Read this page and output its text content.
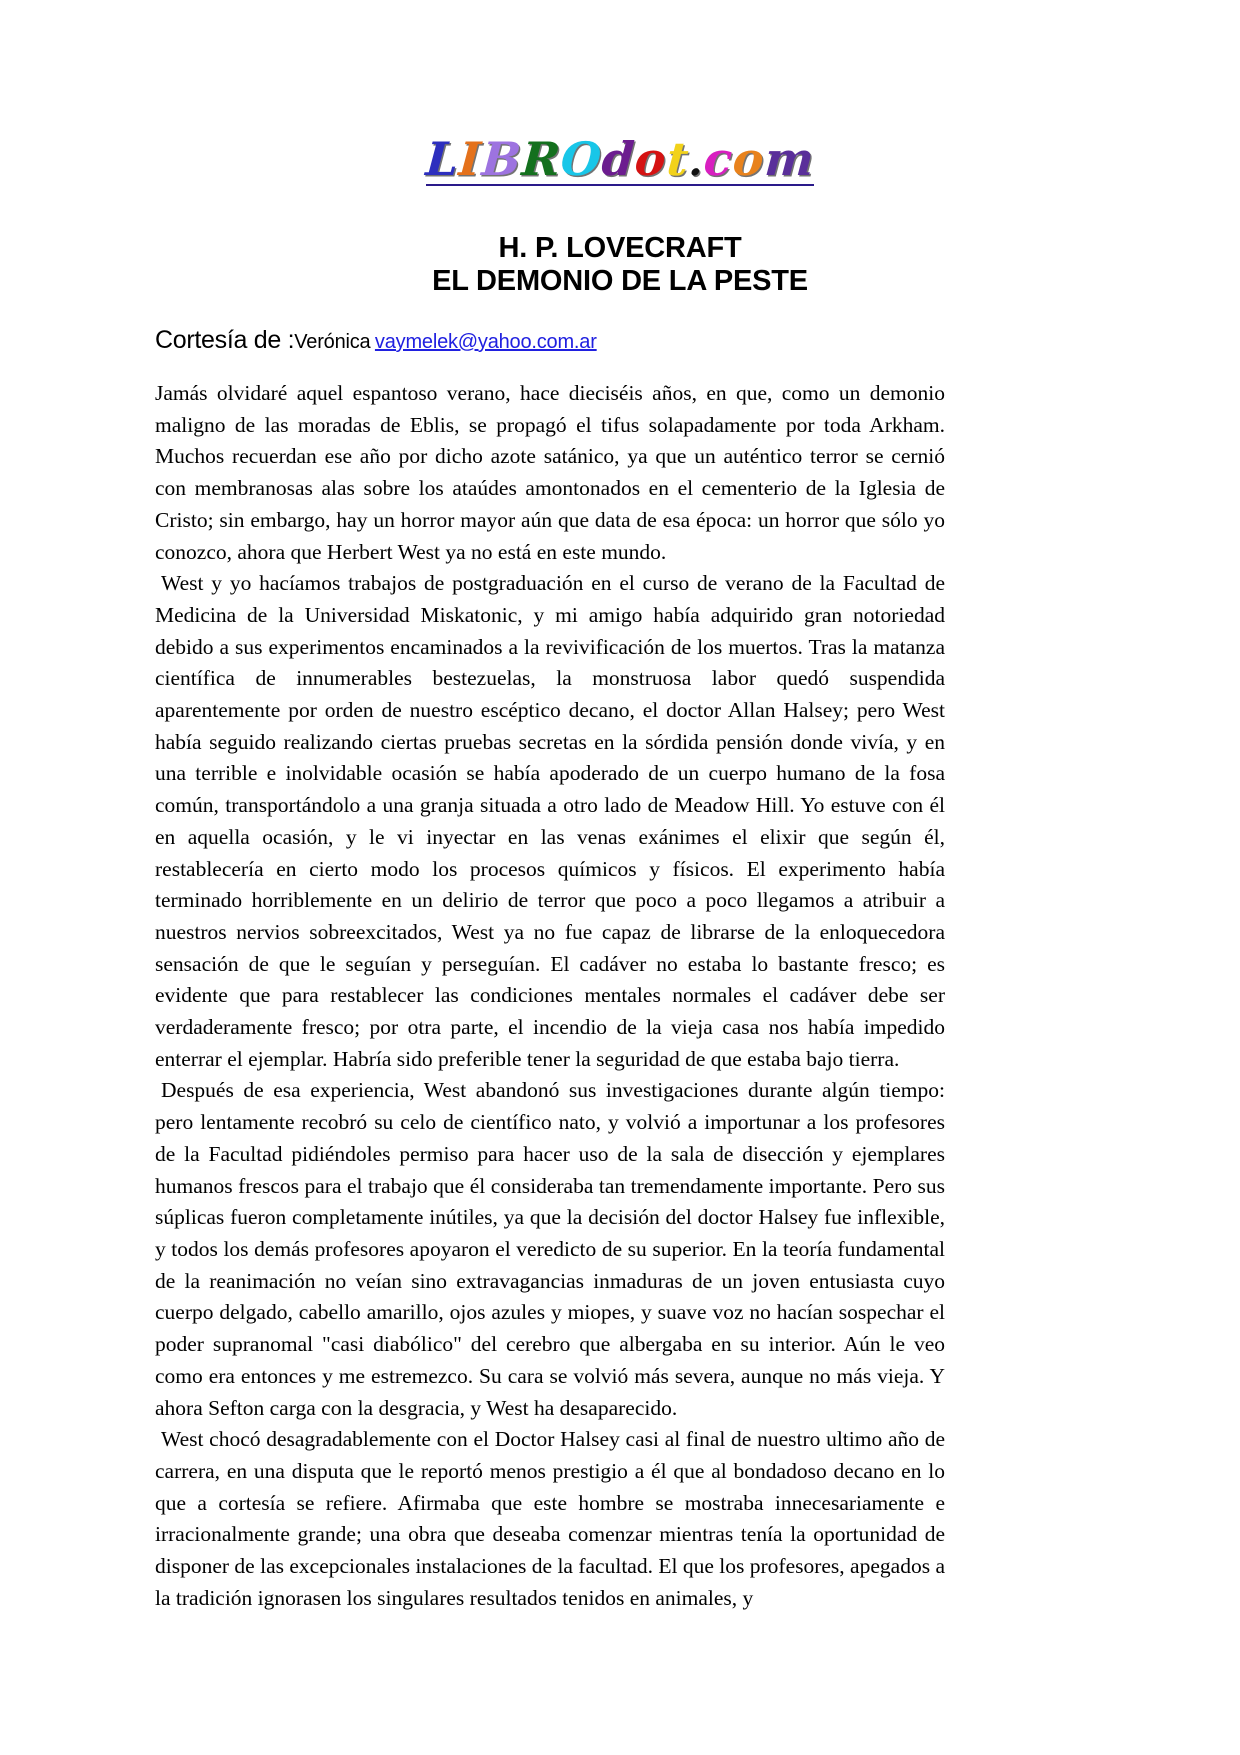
LIBROdot.com
H. P. LOVECRAFT
EL DEMONIO DE LA PESTE
Cortesía de :Verónica vaymelek@yahoo.com.ar

Jamás olvidaré aquel espantoso verano, hace dieciséis años, en que, como un demonio maligno de las moradas de Eblis, se propagó el tifus solapadamente por toda Arkham. Muchos recuerdan ese año por dicho azote satánico, ya que un auténtico terror se cernió con membranosas alas sobre los ataúdes amontonados en el cementerio de la Iglesia de Cristo; sin embargo, hay un horror mayor aún que data de esa época: un horror que sólo yo conozco, ahora que Herbert West ya no está en este mundo.

West y yo hacíamos trabajos de postgraduación en el curso de verano de la Facultad de Medicina de la Universidad Miskatonic, y mi amigo había adquirido gran notoriedad debido a sus experimentos encaminados a la revivificación de los muertos. Tras la matanza científica de innumerables bestezuelas, la monstruosa labor quedó suspendida aparentemente por orden de nuestro escéptico decano, el doctor Allan Halsey; pero West había seguido realizando ciertas pruebas secretas en la sórdida pensión donde vivía, y en una terrible e inolvidable ocasión se había apoderado de un cuerpo humano de la fosa común, transportándolo a una granja situada a otro lado de Meadow Hill. Yo estuve con él en aquella ocasión, y le vi inyectar en las venas exánimes el elixir que según él, restablecería en cierto modo los procesos químicos y físicos. El experimento había terminado horriblemente en un delirio de terror que poco a poco llegamos a atribuir a nuestros nervios sobreexcitados, West ya no fue capaz de librarse de la enloquecedora sensación de que le seguían y perseguían. El cadáver no estaba lo bastante fresco; es evidente que para restablecer las condiciones mentales normales el cadáver debe ser verdaderamente fresco; por otra parte, el incendio de la vieja casa nos había impedido enterrar el ejemplar. Habría sido preferible tener la seguridad de que estaba bajo tierra.

Después de esa experiencia, West abandonó sus investigaciones durante algún tiempo: pero lentamente recobró su celo de científico nato, y volvió a importunar a los profesores de la Facultad pidiéndoles permiso para hacer uso de la sala de disección y ejemplares humanos frescos para el trabajo que él consideraba tan tremendamente importante. Pero sus súplicas fueron completamente inútiles, ya que la decisión del doctor Halsey fue inflexible, y todos los demás profesores apoyaron el veredicto de su superior. En la teoría fundamental de la reanimación no veían sino extravagancias inmaduras de un joven entusiasta cuyo cuerpo delgado, cabello amarillo, ojos azules y miopes, y suave voz no hacían sospechar el poder supranomal "casi diabólico" del cerebro que albergaba en su interior. Aún le veo como era entonces y me estremezco. Su cara se volvió más severa, aunque no más vieja. Y ahora Sefton carga con la desgracia, y West ha desaparecido.

West chocó desagradablemente con el Doctor Halsey casi al final de nuestro ultimo año de carrera, en una disputa que le reportó menos prestigio a él que al bondadoso decano en lo que a cortesía se refiere. Afirmaba que este hombre se mostraba innecesariamente e irracionalmente grande; una obra que deseaba comenzar mientras tenía la oportunidad de disponer de las excepcionales instalaciones de la facultad. El que los profesores, apegados a la tradición ignorasen los singulares resultados tenidos en animales, y
